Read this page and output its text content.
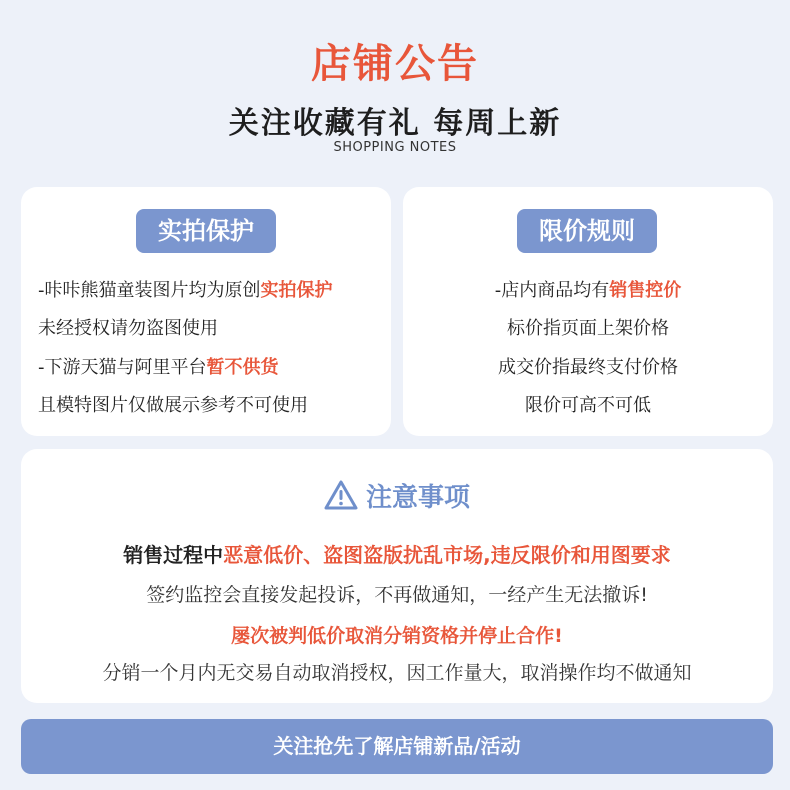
店铺公告
关注收藏有礼 每周上新
SHOPPING NOTES
实拍保护
-咔咔熊猫童装图片均为原创实拍保护
未经授权请勿盗图使用
-下游天猫与阿里平台暂不供货
且模特图片仅做展示参考不可使用
限价规则
-店内商品均有销售控价
标价指页面上架价格
成交价指最终支付价格
限价可高不可低
注意事项
销售过程中恶意低价、盗图盗版扰乱市场,违反限价和用图要求
签约监控会直接发起投诉，不再做通知，一经产生无法撤诉!
屡次被判低价取消分销资格并停止合作!
分销一个月内无交易自动取消授权，因工作量大，取消操作均不做通知
关注抢先了解店铺新品/活动
